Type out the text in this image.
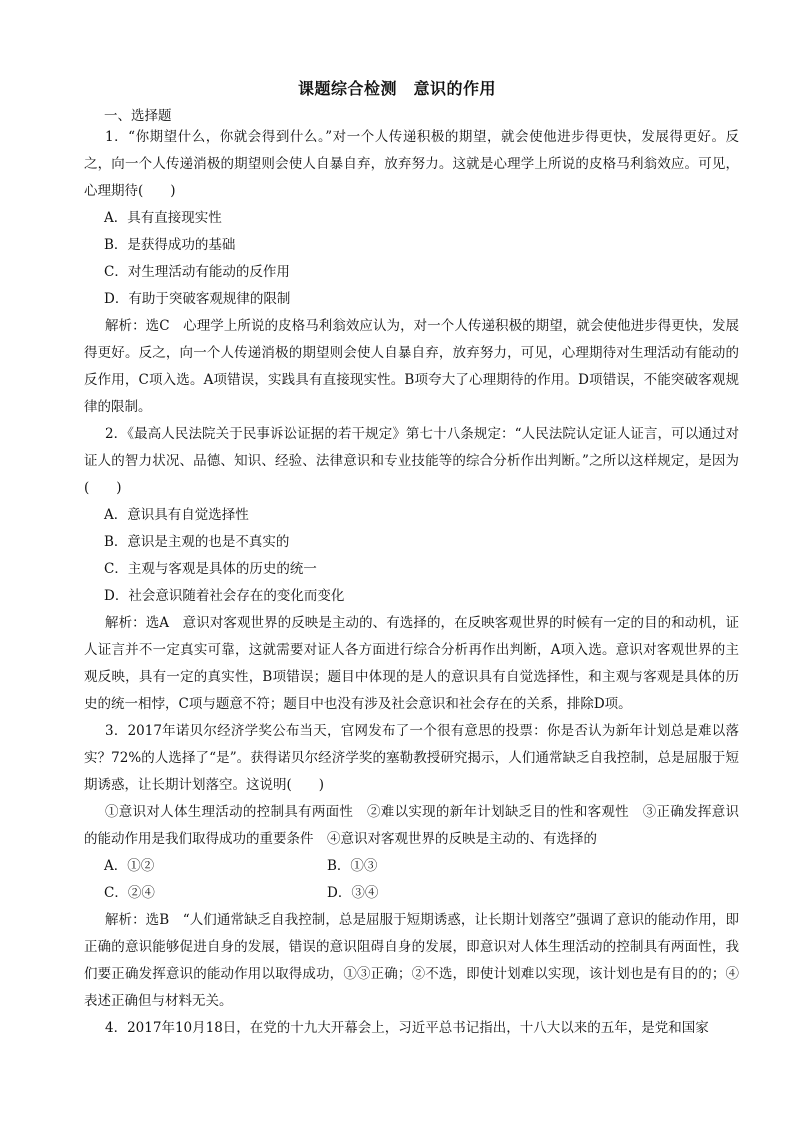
课题综合检测　意识的作用
一、选择题

1．“你期望什么，你就会得到什么。”对一个人传递积极的期望，就会使他进步得更快，发展得更好。反之，向一个人传递消极的期望则会使人自暴自弃，放弃努力。这就是心理学上所说的皮格马利翁效应。可见，心理期待(　　)

A．具有直接现实性

B．是获得成功的基础

C．对生理活动有能动的反作用

D．有助于突破客观规律的限制

解析：选C　心理学上所说的皮格马利翁效应认为，对一个人传递积极的期望，就会使他进步得更快，发展得更好。反之，向一个人传递消极的期望则会使人自暴自弃，放弃努力，可见，心理期待对生理活动有能动的反作用，C项入选。A项错误，实践具有直接现实性。B项夸大了心理期待的作用。D项错误，不能突破客观规律的限制。

2．《最高人民法院关于民事诉讼证据的若干规定》第七十八条规定：“人民法院认定证人证言，可以通过对证人的智力状况、品德、知识、经验、法律意识和专业技能等的综合分析作出判断。”之所以这样规定，是因为(　　)

A．意识具有自觉选择性

B．意识是主观的也是不真实的

C．主观与客观是具体的历史的统一

D．社会意识随着社会存在的变化而变化

解析：选A　意识对客观世界的反映是主动的、有选择的，在反映客观世界的时候有一定的目的和动机，证人证言并不一定真实可靠，这就需要对证人各方面进行综合分析再作出判断，A项入选。意识对客观世界的主观反映，具有一定的真实性，B项错误；题目中体现的是人的意识具有自觉选择性，和主观与客观是具体的历史的统一相悖，C项与题意不符；题目中也没有涉及社会意识和社会存在的关系，排除D项。

3．2017年诺贝尔经济学奖公布当天，官网发布了一个很有意思的投票：你是否认为新年计划总是难以落实？72%的人选择了“是”。获得诺贝尔经济学奖的塞勒教授研究揭示，人们通常缺乏自我控制，总是屈服于短期诱惑，让长期计划落空。这说明(　　)

①意识对人体生理活动的控制具有两面性　②难以实现的新年计划缺乏目的性和客观性　③正确发挥意识的能动作用是我们取得成功的重要条件　④意识对客观世界的反映是主动的、有选择的

A．①②	B．①③
C．②④	D．③④

解析：选B　“人们通常缺乏自我控制，总是屈服于短期诱惑，让长期计划落空”强调了意识的能动作用，即正确的意识能够促进自身的发展，错误的意识阻碍自身的发展，即意识对人体生理活动的控制具有两面性，我们要正确发挥意识的能动作用以取得成功，①③正确；②不选，即使计划难以实现，该计划也是有目的的；④表述正确但与材料无关。

4．2017年10月18日，在党的十九大开幕会上，习近平总书记指出，十八大以来的五年，是党和国家
